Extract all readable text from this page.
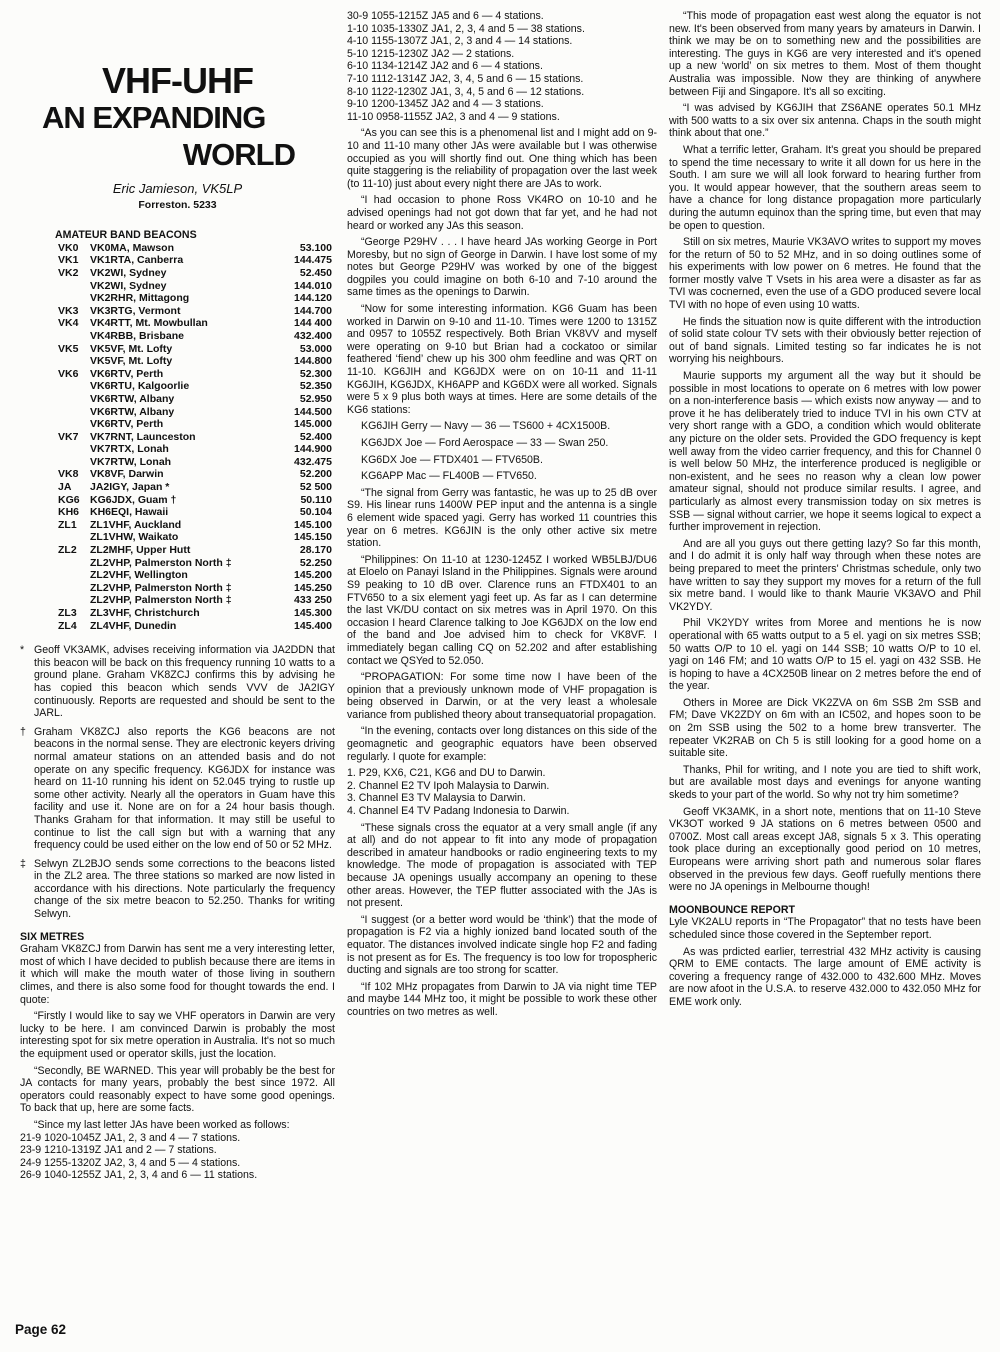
VHF-UHF
AN EXPANDING
WORLD
Eric Jamieson, VK5LP
Forreston. 5233
AMATEUR BAND BEACONS
VK0	VK0MA, Mawson	53.100
VK1	VK1RTA, Canberra	144.475
VK2	VK2WI, Sydney	52.450
	VK2WI, Sydney	144.010
	VK2RHR, Mittagong	144.120
VK3	VK3RTG, Vermont	144.700
VK4	VK4RTT, Mt. Mowbullan	144 400
	VK4RBB, Brisbane	432.400
VK5	VK5VF, Mt. Lofty	53.000
	VK5VF, Mt. Lofty	144.800
VK6	VK6RTV, Perth	52.300
	VK6RTU, Kalgoorlie	52.350
	VK6RTW, Albany	52.950
	VK6RTW, Albany	144.500
	VK6RTV, Perth	145.000
VK7	VK7RNT, Launceston	52.400
	VK7RTX, Lonah	144.900
	VK7RTW, Lonah	432.475
VK8	VK8VF, Darwin	52.200
JA	JA2IGY, Japan *	52 500
KG6	KG6JDX, Guam †	50.110
KH6	KH6EQI, Hawaii	50.104
ZL1	ZL1VHF, Auckland	145.100
	ZL1VHW, Waikato	145.150
ZL2	ZL2MHF, Upper Hutt	28.170
	ZL2VHP, Palmerston North ‡	52.250
	ZL2VHF, Wellington	145.200
	ZL2VHP, Palmerston North ‡	145.250
	ZL2VHP, Palmerston North ‡	433 250
ZL3	ZL3VHF, Christchurch	145.300
ZL4	ZL4VHF, Dunedin	145.400
* Geoff VK3AMK, advises receiving information via JA2DDN that this beacon will be back on this frequency running 10 watts to a ground plane. Graham VK8ZCJ confirms this by advising he has copied this beacon which sends VVV de JA2IGY continuously. Reports are requested and should be sent to the JARL.
† Graham VK8ZCJ also reports the KG6 beacons are not beacons in the normal sense. They are electronic keyers driving normal amateur stations on an attended basis and do not operate on any specific frequency. KG6JDX for instance was heard on 11-10 running his ident on 52.045 trying to rustle up some other activity. Nearly all the operators in Guam have this facility and use it. None are on for a 24 hour basis though. Thanks Graham for that information. It may still be useful to continue to list the call sign but with a warning that any frequency could be used either on the low end of 50 or 52 MHz.
‡ Selwyn ZL2BJO sends some corrections to the beacons listed in the ZL2 area. The three stations so marked are now listed in accordance with his directions. Note particularly the frequency change of the six metre beacon to 52.250. Thanks for writing Selwyn.
SIX METRES

Graham VK8ZCJ from Darwin has sent me a very interesting letter, most of which I have decided to publish because there are items in it which will make the mouth water of those living in southern climes, and there is also some food for thought towards the end. I quote:

“Firstly I would like to say we VHF operators in Darwin are very lucky to be here. I am convinced Darwin is probably the most interesting spot for six metre operation in Australia. It's not so much the equipment used or operator skills, just the location.

“Secondly, BE WARNED. This year will probably be the best for JA contacts for many years, probably the best since 1972. All operators could reasonably expect to have some good openings. To back that up, here are some facts.

“Since my last letter JAs have been worked as follows:

21-9 1020-1045Z JA1, 2, 3 and 4 — 7 stations.
23-9 1210-1319Z JA1 and 2 — 7 stations.
24-9 1255-1320Z JA2, 3, 4 and 5 — 4 stations.
26-9 1040-1255Z JA1, 2, 3, 4 and 6 — 11 stations.
30-9 1055-1215Z JA5 and 6 — 4 stations.
1-10 1035-1330Z JA1, 2, 3, 4 and 5 — 38 stations.
4-10 1155-1307Z JA1, 2, 3 and 4 — 14 stations.
5-10 1215-1230Z JA2 — 2 stations.
6-10 1134-1214Z JA2 and 6 — 4 stations.
7-10 1112-1314Z JA2, 3, 4, 5 and 6 — 15 stations.
8-10 1122-1230Z JA1, 3, 4, 5 and 6 — 12 stations.
9-10 1200-1345Z JA2 and 4 — 3 stations.
11-10 0958-1155Z JA2, 3 and 4 — 9 stations.

“As you can see this is a phenomenal list and I might add on 9-10 and 11-10 many other JAs were available but I was otherwise occupied as you will shortly find out. One thing which has been quite staggering is the reliability of propagation over the last week (to 11-10) just about every night there are JAs to work.

“I had occasion to phone Ross VK4RO on 10-10 and he advised openings had not got down that far yet, and he had not heard or worked any JAs this season.

“George P29HV . . . I have heard JAs working George in Port Moresby, but no sign of George in Darwin. I have lost some of my notes but George P29HV was worked by one of the biggest dogpiles you could imagine on both 6-10 and 7-10 around the same times as the openings to Darwin.

“Now for some interesting information. KG6 Guam has been worked in Darwin on 9-10 and 11-10. Times were 1200 to 1315Z and 0957 to 1055Z respectively. Both Brian VK8VV and myself were operating on 9-10 but Brian had a cockatoo or similar feathered ‘fiend’ chew up his 300 ohm feedline and was QRT on 11-10. KG6JIH and KG6JDX were on on 10-11 and 11-11 KG6JIH, KG6JDX, KH6APP and KG6DX were all worked. Signals were 5 x 9 plus both ways at times. Here are some details of the KG6 stations:

KG6JIH Gerry — Navy — 36 — TS600 + 4CX1500B.

KG6JDX Joe — Ford Aerospace — 33 — Swan 250.

KG6DX Joe — FTDX401 — FTV650B.

KG6APP Mac — FL400B — FTV650.

“The signal from Gerry was fantastic, he was up to 25 dB over S9. His linear runs 1400W PEP input and the antenna is a single 6 element wide spaced yagi. Gerry has worked 11 countries this year on 6 metres. KG6JIN is the only other active six metre station.

“Philippines: On 11-10 at 1230-1245Z I worked WB5LBJ/DU6 at Eloelo on Panayi Island in the Philippines. Signals were around S9 peaking to 10 dB over. Clarence runs an FTDX401 to an FTV650 to a six element yagi feet up. As far as I can determine the last VK/DU contact on six metres was in April 1970. On this occasion I heard Clarence talking to Joe KG6JDX on the low end of the band and Joe advised him to check for VK8VF. I immediately began calling CQ on 52.202 and after establishing contact we QSYed to 52.050.

“PROPAGATION: For some time now I have been of the opinion that a previously unknown mode of VHF propagation is being observed in Darwin, or at the very least a wholesale variance from published theory about transequatorial propagation.

“In the evening, contacts over long distances on this side of the geomagnetic and geographic equators have been observed regularly. I quote for example:

1. P29, KX6, C21, KG6 and DU to Darwin.
2. Channel E2 TV Ipoh Malaysia to Darwin.
3. Channel E3 TV Malaysia to Darwin.
4. Channel E4 TV Padang Indonesia to Darwin.

“These signals cross the equator at a very small angle (if any at all) and do not appear to fit into any mode of propagation described in amateur handbooks or radio engineering texts to my knowledge. The mode of propagation is associated with TEP because JA openings usually accompany an opening to these other areas. However, the TEP flutter associated with the JAs is not present.

“I suggest (or a better word would be ‘think’) that the mode of propagation is F2 via a highly ionized band located south of the equator. The distances involved indicate single hop F2 and fading is not present as for Es. The frequency is too low for tropospheric ducting and signals are too strong for scatter.

“If 102 MHz propagates from Darwin to JA via night time TEP and maybe 144 MHz too, it might be possible to work these other countries on two metres as well.

“This mode of propagation east west along the equator is not new. It's been observed from many years by amateurs in Darwin. I think we may be on to something new and the possibilities are interesting. The guys in KG6 are very interested and it's opened up a new ‘world’ on six metres to them. Most of them thought Australia was impossible. Now they are thinking of anywhere between Fiji and Singapore. It's all so exciting.

“I was advised by KG6JIH that ZS6ANE operates 50.1 MHz with 500 watts to a six over six antenna. Chaps in the south might think about that one.”

What a terrific letter, Graham. It's great you should be prepared to spend the time necessary to write it all down for us here in the South. I am sure we will all look forward to hearing further from you. It would appear however, that the southern areas seem to have a chance for long distance propagation more particularly during the autumn equinox than the spring time, but even that may be open to question.

Still on six metres, Maurie VK3AVO writes to support my moves for the return of 50 to 52 MHz, and in so doing outlines some of his experiments with low power on 6 metres. He found that the former mostly valve T Vsets in his area were a disaster as far as TVI was cocnerned, even the use of a GDO produced severe local TVI with no hope of even using 10 watts.

He finds the situation now is quite different with the introduction of solid state colour TV sets with their obviously better rejection of out of band signals. Limited testing so far indicates he is not worrying his neighbours.

Maurie supports my argument all the way but it should be possible in most locations to operate on 6 metres with low power on a non-interference basis — which exists now anyway — and to prove it he has deliberately tried to induce TVI in his own CTV at very short range with a GDO, a condition which would obliterate any picture on the older sets. Provided the GDO frequency is kept well away from the video carrier frequency, and this for Channel 0 is well below 50 MHz, the interference produced is negligible or non-existent, and he sees no reason why a clean low power amateur signal, should not produce similar results. I agree, and particularly as almost every transmission today on six metres is SSB — signal without carrier, we hope it seems logical to expect a further improvement in rejection.

And are all you guys out there getting lazy? So far this month, and I do admit it is only half way through when these notes are being prepared to meet the printers' Christmas schedule, only two have written to say they support my moves for a return of the full six metre band. I would like to thank Maurie VK3AVO and Phil VK2YDY.

Phil VK2YDY writes from Moree and mentions he is now operational with 65 watts output to a 5 el. yagi on six metres SSB; 50 watts O/P to 10 el. yagi on 144 SSB; 10 watts O/P to 10 el. yagi on 146 FM; and 10 watts O/P to 15 el. yagi on 432 SSB. He is hoping to have a 4CX250B linear on 2 metres before the end of the year.

Others in Moree are Dick VK2ZVA on 6m SSB 2m SSB and FM; Dave VK2ZDY on 6m with an IC502, and hopes soon to be on 2m SSB using the 502 to a home brew transverter. The repeater VK2RAB on Ch 5 is still looking for a good home on a suitable site.

Thanks, Phil for writing, and I note you are tied to shift work, but are available most days and evenings for anyone wanting skeds to your part of the world. So why not try him sometime?

Geoff VK3AMK, in a short note, mentions that on 11-10 Steve VK3OT worked 9 JA stations on 6 metres between 0500 and 0700Z. Most call areas except JA8, signals 5 x 3. This operating took place during an exceptionally good period on 10 metres, Europeans were arriving short path and numerous solar flares observed in the previous few days. Geoff ruefully mentions there were no JA openings in Melbourne though!

MOONBOUNCE REPORT

Lyle VK2ALU reports in “The Propagator” that no tests have been scheduled since those covered in the September report.

As was prdicted earlier, terrestrial 432 MHz activity is causing QRM to EME contacts. The large amount of EME activity is covering a frequency range of 432.000 to 432.600 MHz. Moves are now afoot in the U.S.A. to reserve 432.000 to 432.050 MHz for EME work only.

Page 62
